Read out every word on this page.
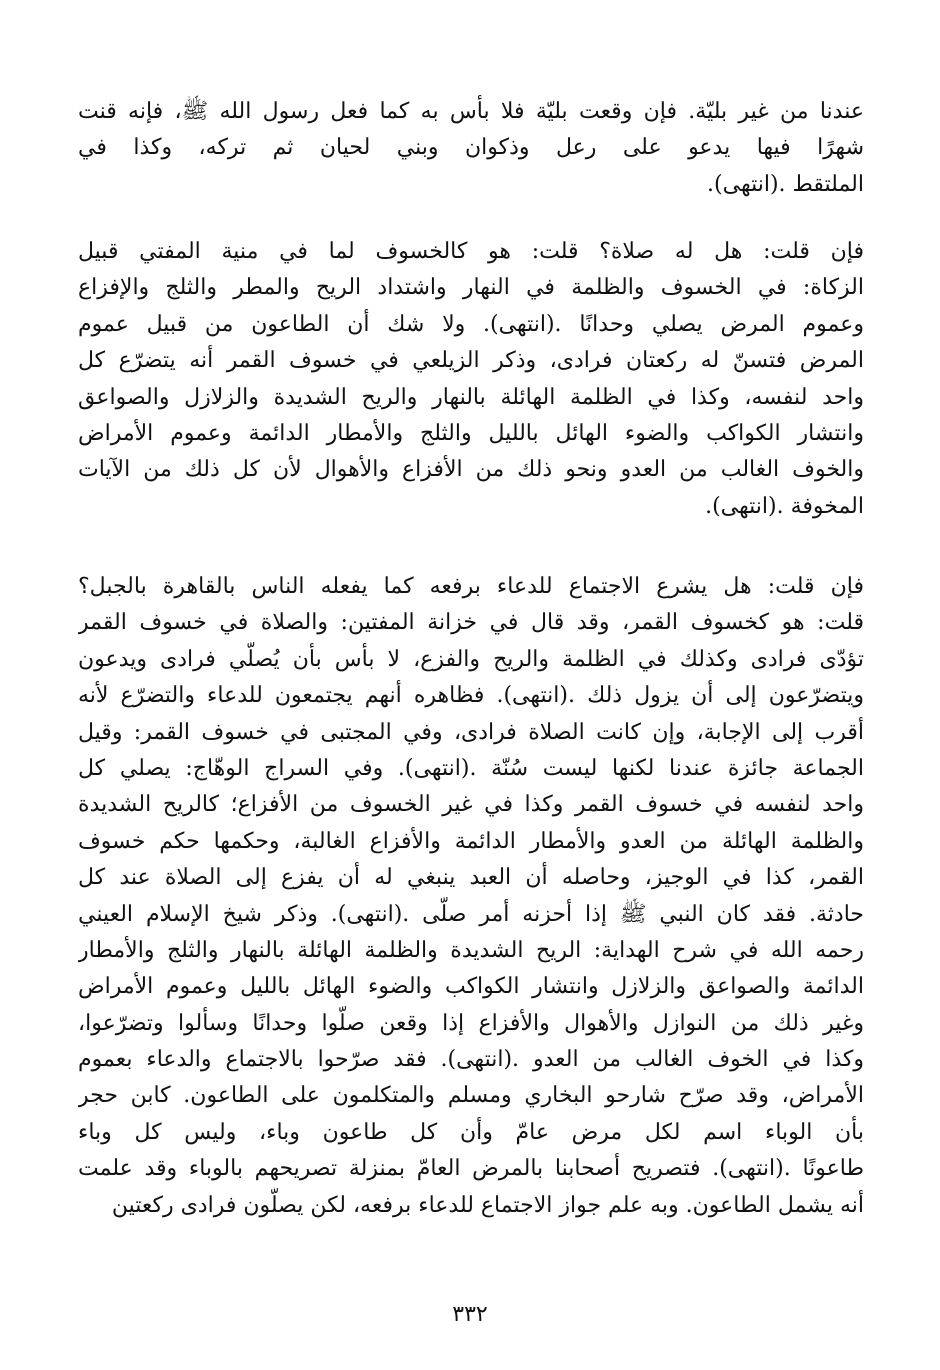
عندنا من غير بليّة. فإن وقعت بليّة فلا بأس به كما فعل رسول الله ﷺ، فإنه قنت
شهرًا فيها يدعو على رعل وذكوان وبني لحيان ثم تركه، وكذا في
الملتقط .(انتهى).
فإن قلت: هل له صلاة؟ قلت: هو كالخسوف لما في منية المفتي قبيل
الزكاة: في الخسوف والظلمة في النهار واشتداد الريح والمطر والثلج والإفزاع
وعموم المرض يصلي وحدانًا .(انتهى). ولا شك أن الطاعون من قبيل عموم
المرض فتسنّ له ركعتان فرادى، وذكر الزيلعي في خسوف القمر أنه يتضرّع كل
واحد لنفسه، وكذا في الظلمة الهائلة بالنهار والريح الشديدة والزلازل والصواعق
وانتشار الكواكب والضوء الهائل بالليل والثلج والأمطار الدائمة وعموم الأمراض
والخوف الغالب من العدو ونحو ذلك من الأفزاع والأهوال لأن كل ذلك من الآيات
المخوفة .(انتهى).
فإن قلت: هل يشرع الاجتماع للدعاء برفعه كما يفعله الناس بالقاهرة بالجبل؟
قلت: هو كخسوف القمر، وقد قال في خزانة المفتين: والصلاة في خسوف القمر
تؤدّى فرادى وكذلك في الظلمة والريح والفزع، لا بأس بأن يُصلّي فرادى ويدعون
ويتضرّعون إلى أن يزول ذلك .(انتهى). فظاهره أنهم يجتمعون للدعاء والتضرّع لأنه
أقرب إلى الإجابة، وإن كانت الصلاة فرادى، وفي المجتبى في خسوف القمر: وقيل
الجماعة جائزة عندنا لكنها ليست سُنّة .(انتهى). وفي السراج الوهّاج: يصلي كل
واحد لنفسه في خسوف القمر وكذا في غير الخسوف من الأفزاع؛ كالريح الشديدة
والظلمة الهائلة من العدو والأمطار الدائمة والأفزاع الغالبة، وحكمها حكم خسوف
القمر، كذا في الوجيز، وحاصله أن العبد ينبغي له أن يفزع إلى الصلاة عند كل
حادثة. فقد كان النبي ﷺ إذا أحزنه أمر صلّى .(انتهى). وذكر شيخ الإسلام العيني
رحمه الله في شرح الهداية: الريح الشديدة والظلمة الهائلة بالنهار والثلج والأمطار
الدائمة والصواعق والزلازل وانتشار الكواكب والضوء الهائل بالليل وعموم الأمراض
وغير ذلك من النوازل والأهوال والأفزاع إذا وقعن صلّوا وحدانًا وسألوا وتضرّعوا،
وكذا في الخوف الغالب من العدو .(انتهى). فقد صرّحوا بالاجتماع والدعاء بعموم
الأمراض، وقد صرّح شارحو البخاري ومسلم والمتكلمون على الطاعون. كابن حجر
بأن الوباء اسم لكل مرض عامّ وأن كل طاعون وباء، وليس كل وباء
طاعونًا .(انتهى). فتصريح أصحابنا بالمرض العامّ بمنزلة تصريحهم بالوباء وقد علمت
أنه يشمل الطاعون. وبه علم جواز الاجتماع للدعاء برفعه، لكن يصلّون فرادى ركعتين
٣٣٢
